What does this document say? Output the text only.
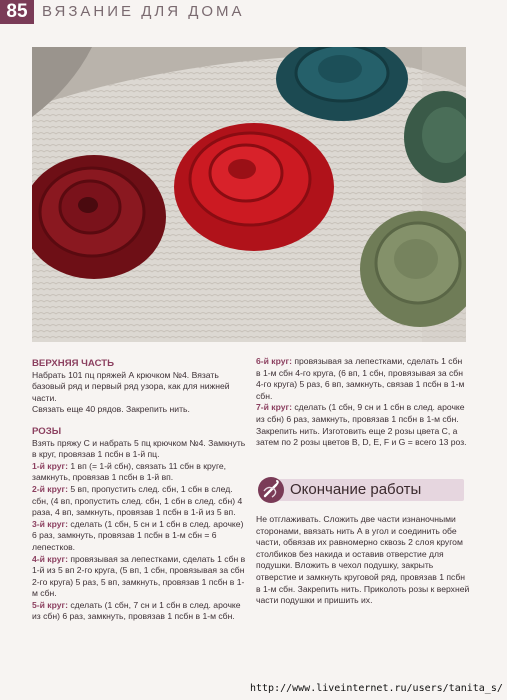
85 ВЯЗАНИЕ ДЛЯ ДОМА
ВЕРХНЯЯ ЧАСТЬ
Набрать 101 пц пряжей А крючком №4. Вязать базовый ряд и первый ряд узора, как для нижней части.
Связать еще 40 рядов. Закрепить нить.
РОЗЫ
Взять пряжу С и набрать 5 пц крючком №4. Замкнуть в круг, провязав 1 псбн в 1-й пц.
1-й круг: 1 вп (= 1-й сбн), связать 11 сбн в круге, замкнуть, провязав 1 псбн в 1-й вп.
2-й круг: 5 вп, пропустить след. сбн, 1 сбн в след. сбн, (4 вп, пропустить след. сбн, 1 сбн в след. сбн) 4 раза, 4 вп, замкнуть, провязав 1 псбн в 1-й из 5 вп.
3-й круг: сделать (1 сбн, 5 сн и 1 сбн в след. арочке) 6 раз, замкнуть, провязав 1 псбн в 1-м сбн = 6 лепестков.
4-й круг: провязывая за лепестками, сделать 1 сбн в 1-й из 5 вп 2-го круга, (5 вп, 1 сбн, провязывая за сбн 2-го круга) 5 раз, 5 вп, замкнуть, провязав 1 псбн в 1-м сбн.
5-й круг: сделать (1 сбн, 7 сн и 1 сбн в след. арочке из сбн) 6 раз, замкнуть, провязав 1 псбн в 1-м сбн.
6-й круг: провязывая за лепестками, сделать 1 сбн в 1-м сбн 4-го круга, (6 вп, 1 сбн, провязывая за сбн 4-го круга) 5 раз, 6 вп, замкнуть, связав 1 псбн в 1-м сбн.
7-й круг: сделать (1 сбн, 9 сн и 1 сбн в след. арочке из сбн) 6 раз, замкнуть, провязав 1 псбн в 1-м сбн. Закрепить нить. Изготовить еще 2 розы цвета С, а затем по 2 розы цветов B, D, E, F и G = всего 13 роз.
Окончание работы
Не отглаживать. Сложить две части изнаночными сторонами, ввязать нить А в угол и соединить обе части, обвязав их равномерно сквозь 2 слоя кругом столбиков без накида и оставив отверстие для подушки. Вложить в чехол подушку, закрыть отверстие и замкнуть круговой ряд, провязав 1 псбн в 1-м сбн. Закрепить нить. Приколоть розы к верхней части подушки и пришить их.
http://www.liveinternet.ru/users/tanita_s/
